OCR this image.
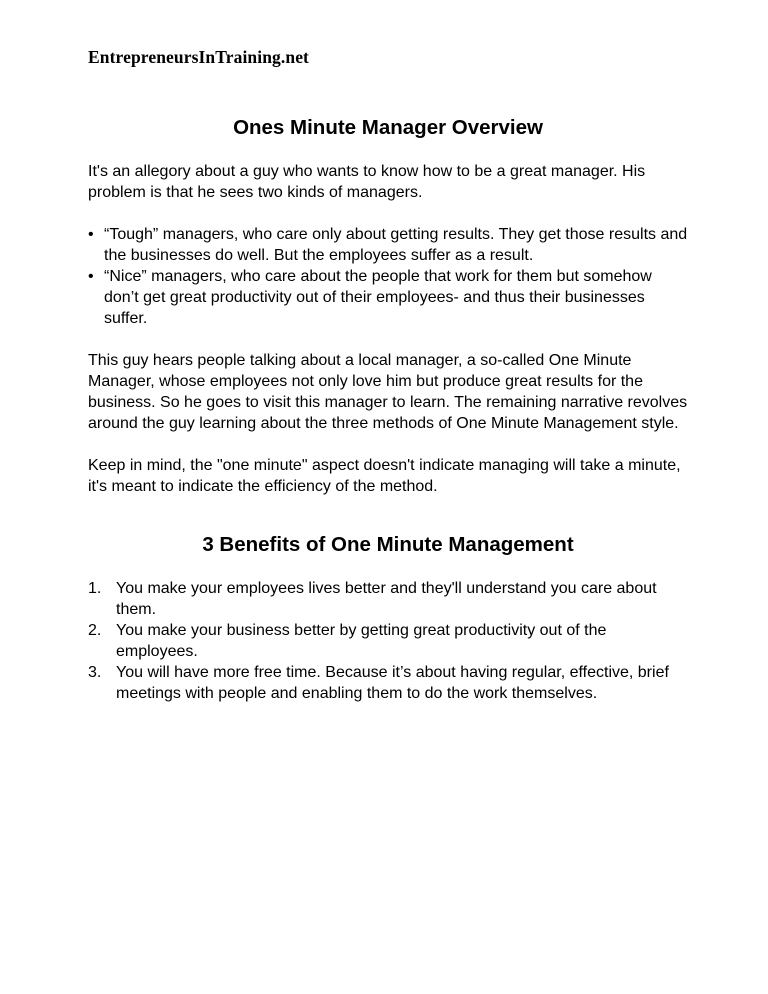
EntrepreneursInTraining.net
Ones Minute Manager Overview

It's an allegory about a guy who wants to know how to be a great manager. His problem is that he sees two kinds of managers.

• “Tough” managers, who care only about getting results. They get those results and the businesses do well. But the employees suffer as a result.
• “Nice” managers, who care about the people that work for them but somehow don’t get great productivity out of their employees- and thus their businesses suffer.

This guy hears people talking about a local manager, a so-called One Minute Manager, whose employees not only love him but produce great results for the business. So he goes to visit this manager to learn. The remaining narrative revolves around the guy learning about the three methods of One Minute Management style.

Keep in mind, the "one minute" aspect doesn't indicate managing will take a minute, it's meant to indicate the efficiency of the method.

3 Benefits of One Minute Management
1. You make your employees lives better and they'll understand you care about them.
2. You make your business better by getting great productivity out of the employees.
3. You will have more free time. Because it’s about having regular, effective, brief meetings with people and enabling them to do the work themselves.
